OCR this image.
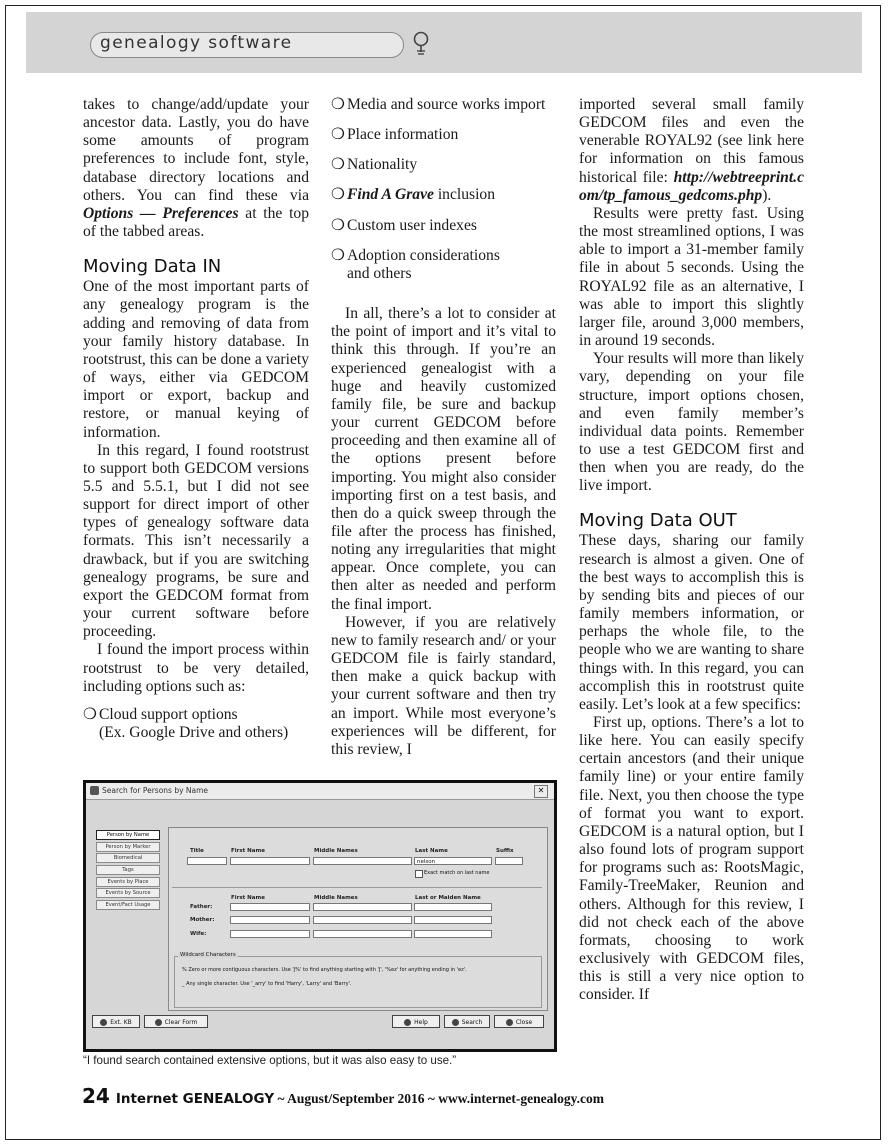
genealogy software

takes to change/add/update your ancestor data. Lastly, you do have some amounts of program preferences to include font, style, database directory locations and others. You can find these via Options — Preferences at the top of the tabbed areas.

Moving Data IN

One of the most important parts of any genealogy program is the adding and removing of data from your family history database. In rootstrust, this can be done a variety of ways, either via GEDCOM import or export, backup and restore, or manual keying of information.

In this regard, I found rootstrust to support both GEDCOM versions 5.5 and 5.5.1, but I did not see support for direct import of other types of genealogy software data formats. This isn’t necessarily a drawback, but if you are switching genealogy programs, be sure and export the GEDCOM format from your current software before proceeding.

I found the import process within rootstrust to be very detailed, including options such as:

❍ Cloud support options
(Ex. Google Drive and others)
❍ Media and source works import
❍ Place information
❍ Nationality
❍ Find A Grave inclusion
❍ Custom user indexes
❍ Adoption considerations
and others

In all, there’s a lot to consider at the point of import and it’s vital to think this through. If you’re an experienced genealogist with a huge and heavily customized family file, be sure and backup your current GEDCOM before proceeding and then examine all of the options present before importing. You might also consider importing first on a test basis, and then do a quick sweep through the file after the process has finished, noting any irregularities that might appear. Once complete, you can then alter as needed and perform the final import.

However, if you are relatively new to family research and/ or your GEDCOM file is fairly standard, then make a quick backup with your current software and then try an import. While most everyone’s experiences will be different, for this review, I

imported several small family GEDCOM files and even the venerable ROYAL92 (see link here for information on this famous historical file: http://webtreeprint.com/tp_famous_gedcoms.php).

Results were pretty fast. Using the most streamlined options, I was able to import a 31-member family file in about 5 seconds. Using the ROYAL92 file as an alternative, I was able to import this slightly larger file, around 3,000 members, in around 19 seconds.

Your results will more than likely vary, depending on your file structure, import options chosen, and even family member’s individual data points. Remember to use a test GEDCOM first and then when you are ready, do the live import.

Moving Data OUT

These days, sharing our family research is almost a given. One of the best ways to accomplish this is by sending bits and pieces of our family members information, or perhaps the whole file, to the people who we are wanting to share things with. In this regard, you can accomplish this in rootstrust quite easily. Let’s look at a few specifics:

First up, options. There’s a lot to like here. You can easily specify certain ancestors (and their unique family line) or your entire family file. Next, you then choose the type of format you want to export. GEDCOM is a natural option, but I also found lots of program support for programs such as: RootsMagic, Family-TreeMaker, Reunion and others. Although for this review, I did not check each of the above formats, choosing to work exclusively with GEDCOM files, this is still a very nice option to consider. If

Search for Persons by Name	✕
Person by Name
Person by Marker
Biomedical
Tags
Events by Place
Events by Source
Event/Fact Usage
Title	First Name	Middle Names	Last Name	Suffix
nelson
Exact match on last name
First Name	Middle Names	Last or Maiden Name
Father:
Mother:
Wife:
Wildcard Characters
% Zero or more contiguous characters. Use 'J%' to find anything starting with 'J', '%ez' for anything ending in 'ez'.
_ Any single character. Use '_arry' to find 'Harry', 'Larry' and 'Barry'.
Ext. KB	Clear Form	Help	Search	Close
“I found search contained extensive options, but it was also easy to use.”
24 Internet GENEALOGY ~ August/September 2016 ~ www.internet-genealogy.com
